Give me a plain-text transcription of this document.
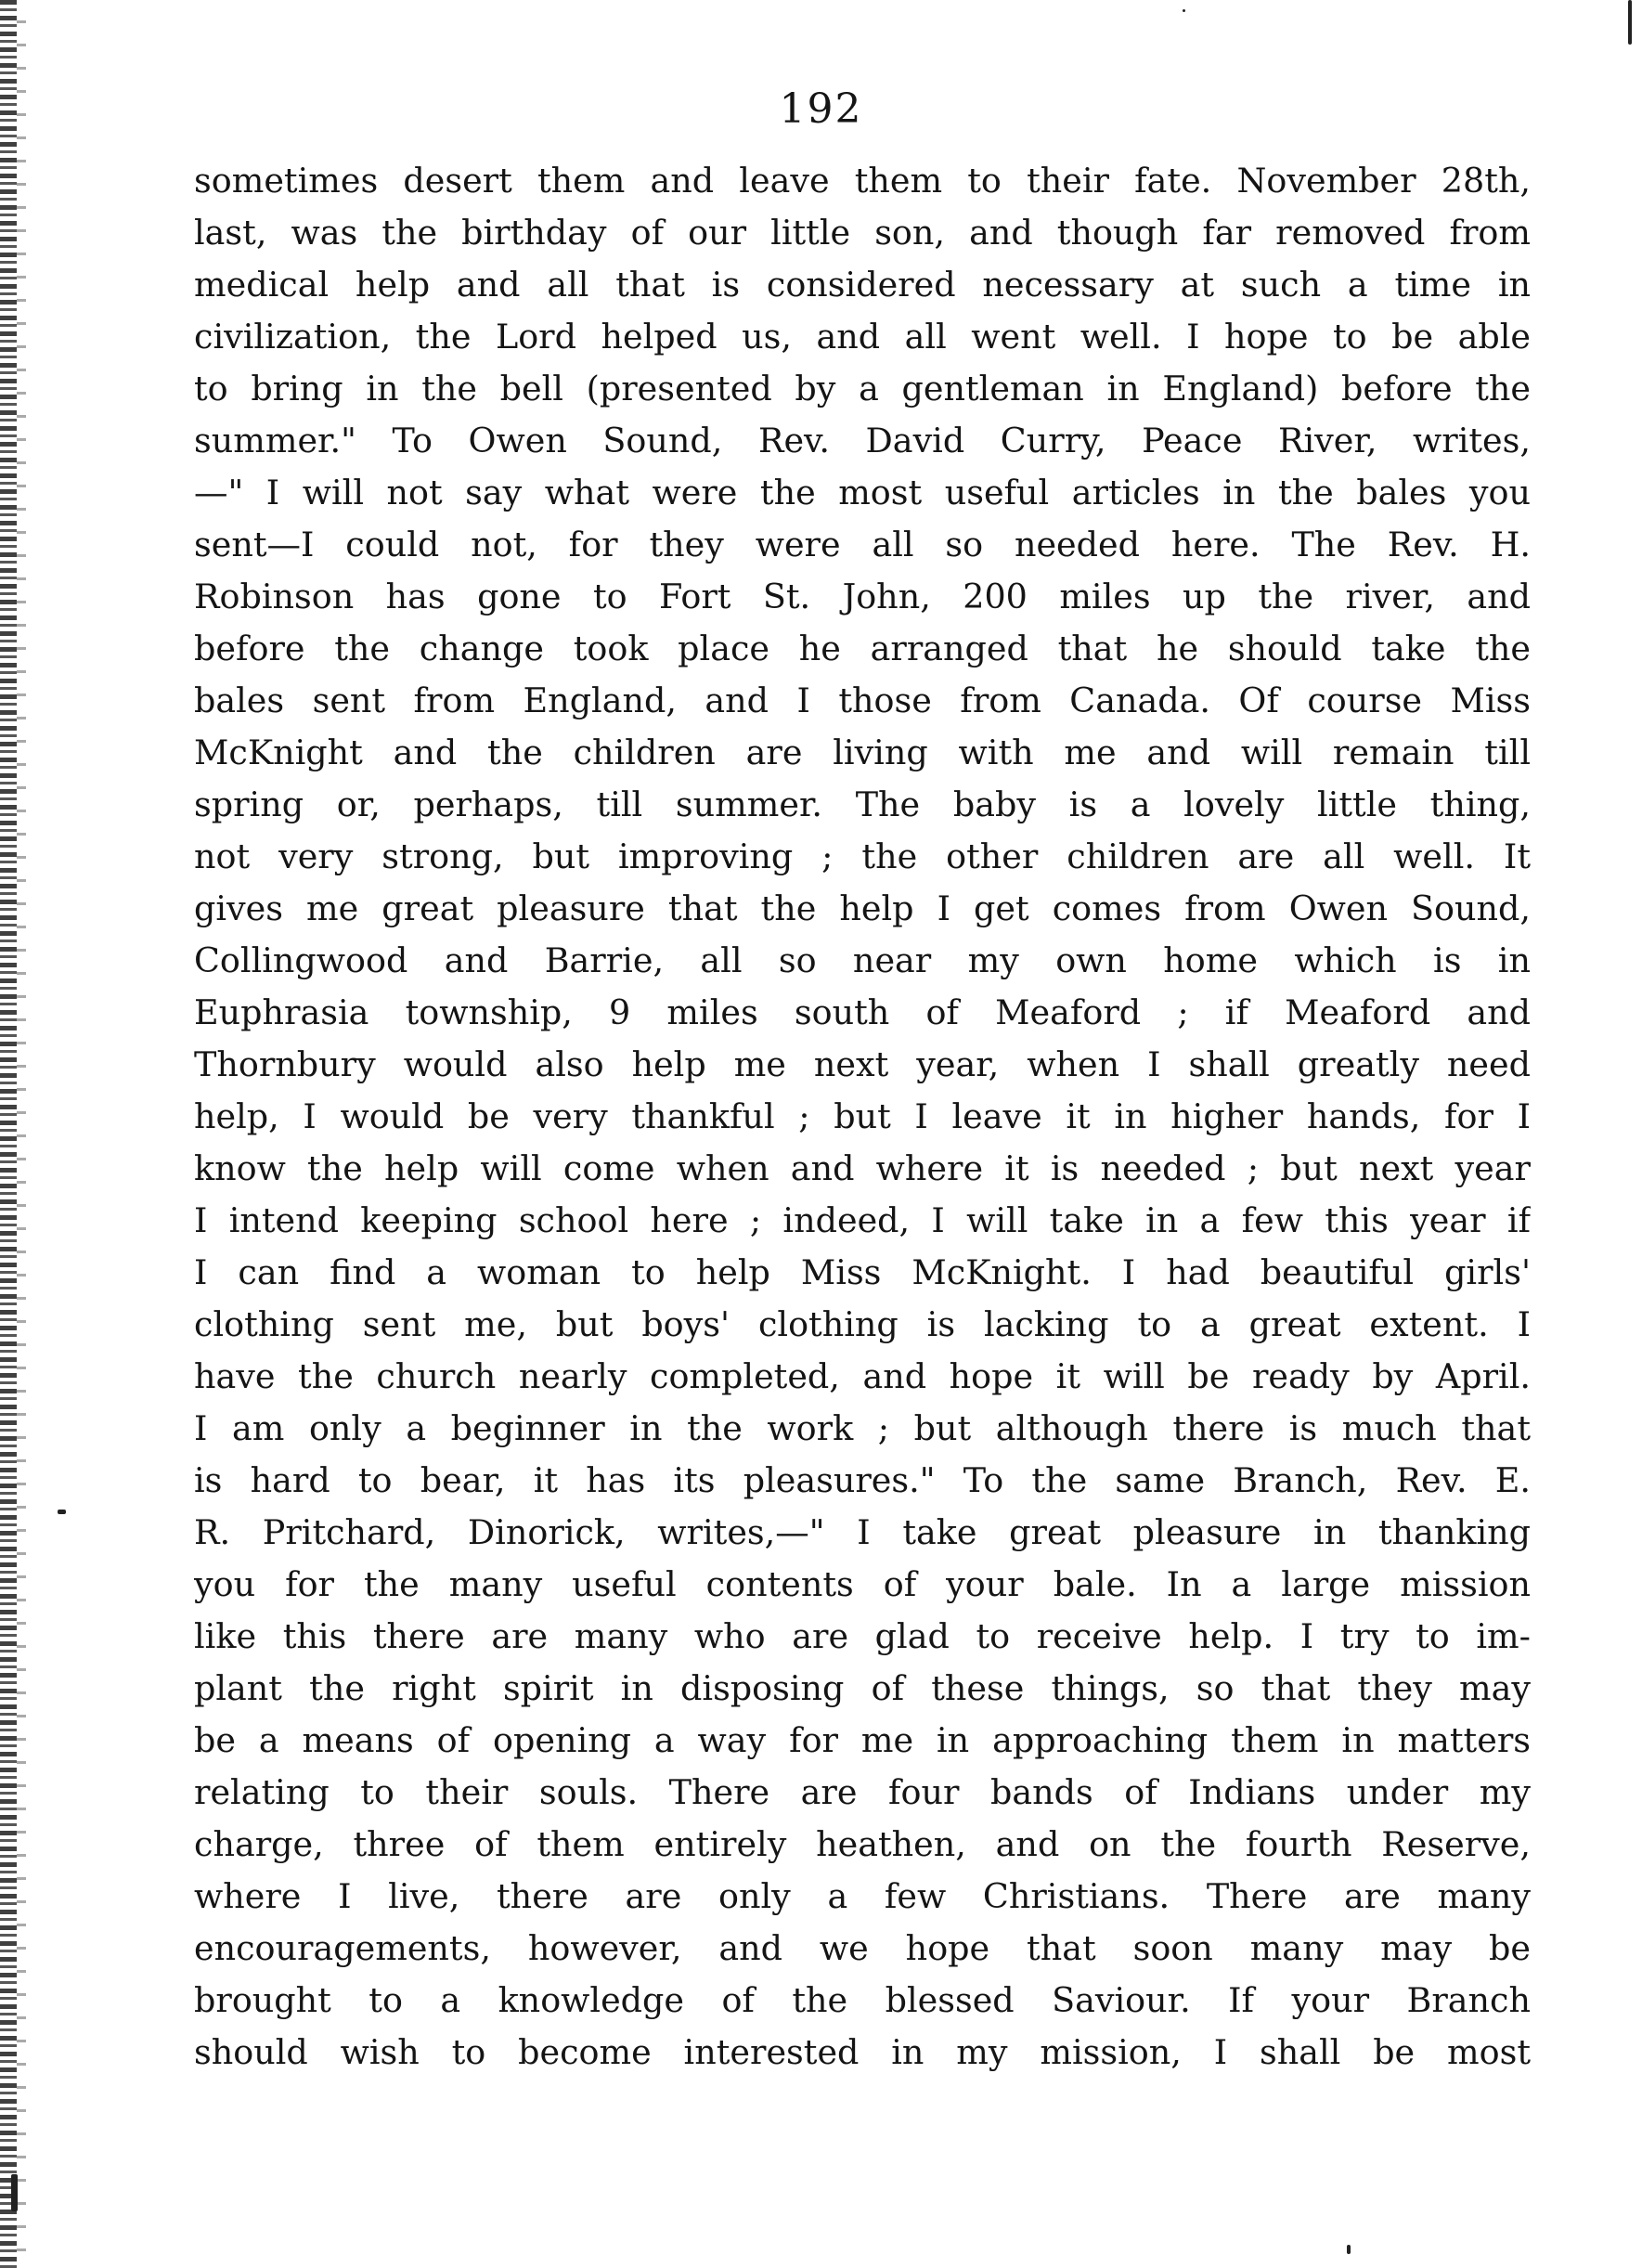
192
sometimes desert them and leave them to their fate. November 28th,
last, was the birthday of our little son, and though far removed from
medical help and all that is considered necessary at such a time in
civilization, the Lord helped us, and all went well. I hope to be able
to bring in the bell (presented by a gentleman in England) before the
summer." To Owen Sound, Rev. David Curry, Peace River, writes,
—" I will not say what were the most useful articles in the bales you
sent—I could not, for they were all so needed here. The Rev. H.
Robinson has gone to Fort St. John, 200 miles up the river, and
before the change took place he arranged that he should take the
bales sent from England, and I those from Canada. Of course Miss
McKnight and the children are living with me and will remain till
spring or, perhaps, till summer. The baby is a lovely little thing,
not very strong, but improving ; the other children are all well. It
gives me great pleasure that the help I get comes from Owen Sound,
Collingwood and Barrie, all so near my own home which is in
Euphrasia township, 9 miles south of Meaford ; if Meaford and
Thornbury would also help me next year, when I shall greatly need
help, I would be very thankful ; but I leave it in higher hands, for I
know the help will come when and where it is needed ; but next year
I intend keeping school here ; indeed, I will take in a few this year if
I can find a woman to help Miss McKnight. I had beautiful girls'
clothing sent me, but boys' clothing is lacking to a great extent. I
have the church nearly completed, and hope it will be ready by April.
I am only a beginner in the work ; but although there is much that
is hard to bear, it has its pleasures." To the same Branch, Rev. E.
R. Pritchard, Dinorick, writes,—" I take great pleasure in thanking
you for the many useful contents of your bale. In a large mission
like this there are many who are glad to receive help. I try to im-
plant the right spirit in disposing of these things, so that they may
be a means of opening a way for me in approaching them in matters
relating to their souls. There are four bands of Indians under my
charge, three of them entirely heathen, and on the fourth Reserve,
where I live, there are only a few Christians. There are many
encouragements, however, and we hope that soon many may be
brought to a knowledge of the blessed Saviour. If your Branch
should wish to become interested in my mission, I shall be most
